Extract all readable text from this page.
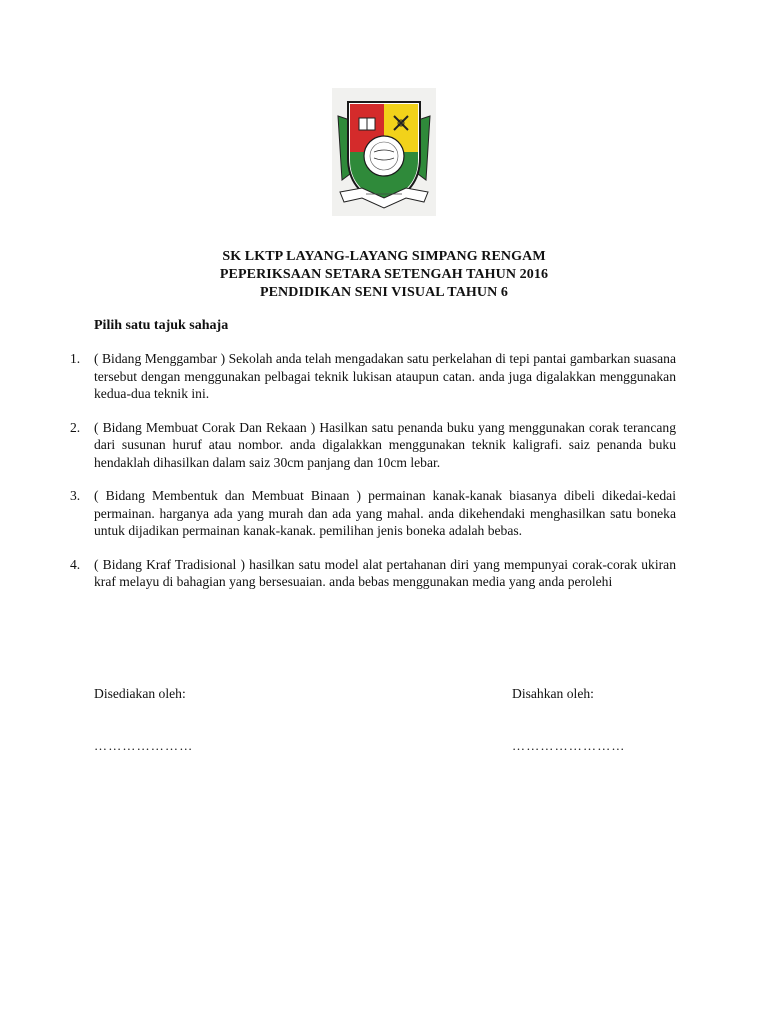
SK LKTP LAYANG-LAYANG SIMPANG RENGAM
PEPERIKSAAN SETARA SETENGAH TAHUN 2016
PENDIDIKAN SENI VISUAL TAHUN 6
Pilih satu tajuk sahaja
1. ( Bidang Menggambar ) Sekolah anda telah mengadakan satu perkelahan di tepi pantai gambarkan suasana tersebut dengan menggunakan pelbagai teknik lukisan ataupun catan. anda juga digalakkan menggunakan kedua-dua teknik ini.
2. ( Bidang Membuat Corak Dan Rekaan ) Hasilkan satu penanda buku yang menggunakan corak terancang dari susunan huruf atau nombor. anda digalakkan menggunakan teknik kaligrafi. saiz penanda buku hendaklah dihasilkan dalam saiz 30cm panjang dan 10cm lebar.
3. ( Bidang Membentuk dan Membuat Binaan ) permainan kanak-kanak biasanya dibeli dikedai-kedai permainan. harganya ada yang murah dan ada yang mahal. anda dikehendaki menghasilkan satu boneka untuk dijadikan permainan kanak-kanak. pemilihan jenis boneka adalah bebas.
4. ( Bidang Kraf Tradisional ) hasilkan satu model alat pertahanan diri yang mempunyai corak-corak ukiran kraf melayu di bahagian yang bersesuaian. anda bebas menggunakan media yang anda perolehi
Disediakan oleh:	Disahkan oleh:
…………………	……………………
